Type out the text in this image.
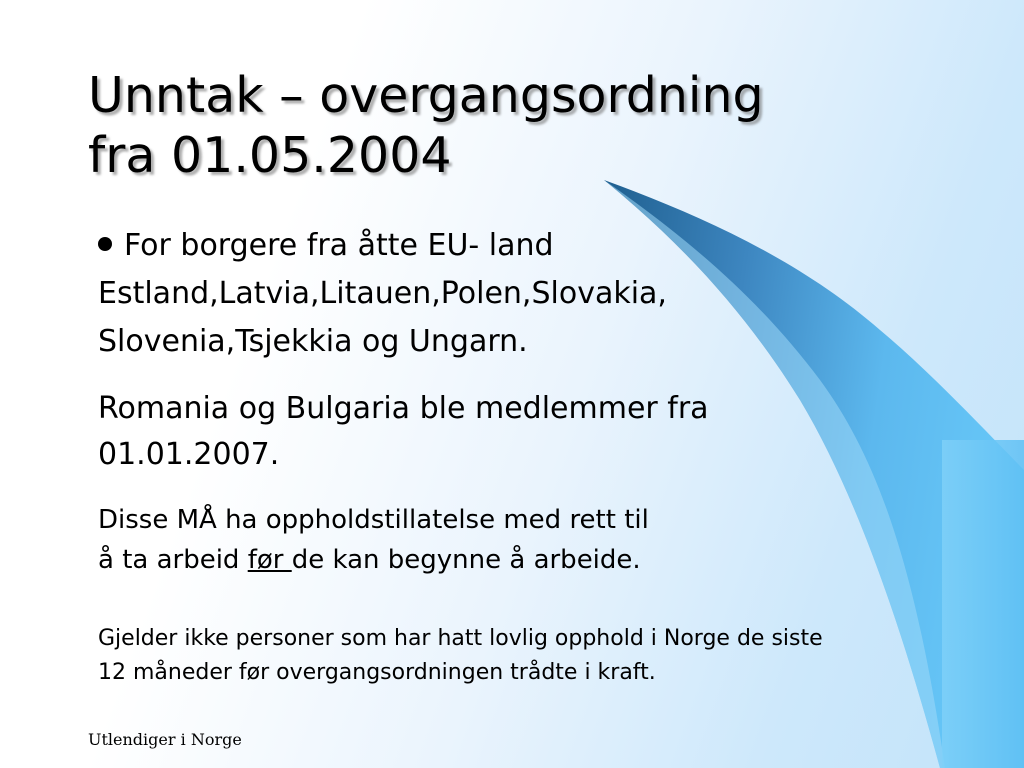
Unntak – overgangsordning
fra 01.05.2004
For borgere fra åtte EU- land
Estland,Latvia,Litauen,Polen,Slovakia,
Slovenia,Tsjekkia og Ungarn.
Romania og Bulgaria ble medlemmer fra
01.01.2007.
Disse MÅ ha oppholdstillatelse med rett til
å ta arbeid før de kan begynne å arbeide.
Gjelder ikke personer som har hatt lovlig opphold i Norge de siste
12 måneder før overgangsordningen trådte i kraft.
Utlendiger i Norge
